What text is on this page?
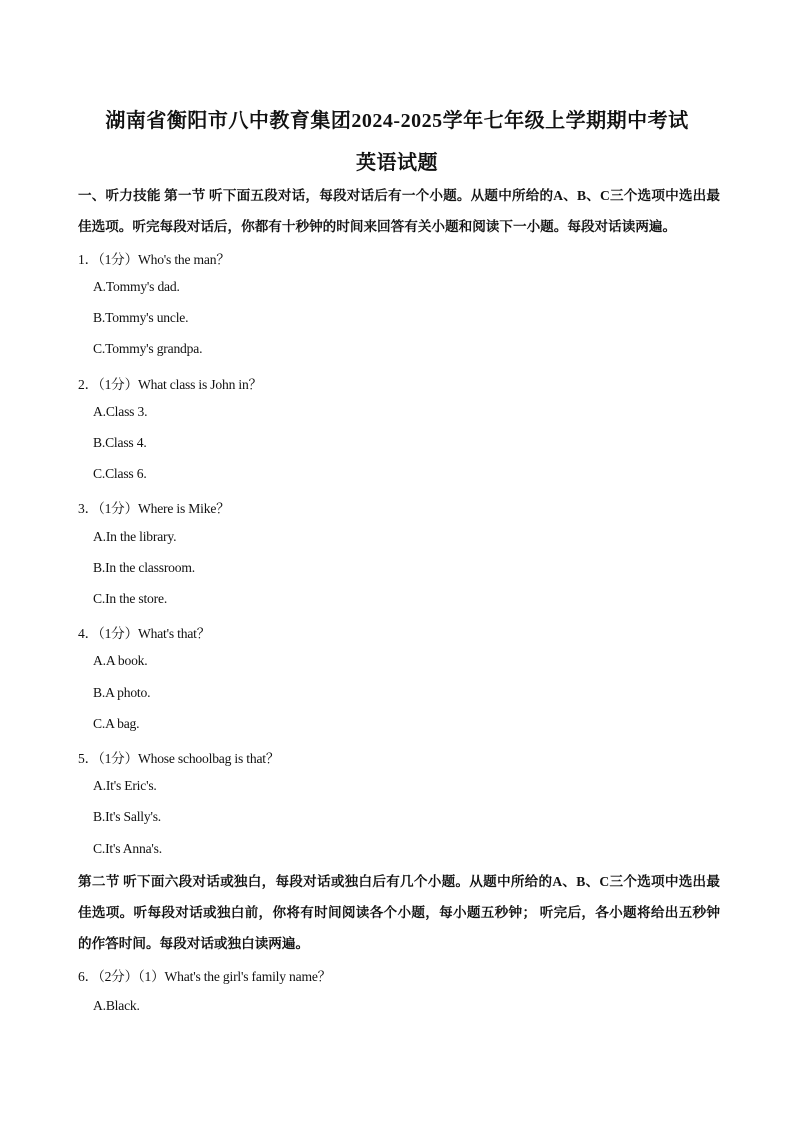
湖南省衡阳市八中教育集团2024-2025学年七年级上学期期中考试
英语试题
一、听力技能 第一节 听下面五段对话，每段对话后有一个小题。从题中所给的A、B、C三个选项中选出最佳选项。听完每段对话后，你都有十秒钟的时间来回答有关小题和阅读下一小题。每段对话读两遍。
1．（1分）Who's the man？
A.Tommy's dad.
B.Tommy's uncle.
C.Tommy's grandpa.
2．（1分）What class is John in？
A.Class 3.
B.Class 4.
C.Class 6.
3．（1分）Where is Mike？
A.In the library.
B.In the classroom.
C.In the store.
4．（1分）What's that？
A.A book.
B.A photo.
C.A bag.
5．（1分）Whose schoolbag is that？
A.It's Eric's.
B.It's Sally's.
C.It's Anna's.
第二节 听下面六段对话或独白，每段对话或独白后有几个小题。从题中所给的A、B、C三个选项中选出最佳选项。听每段对话或独白前，你将有时间阅读各个小题，每小题五秒钟； 听完后，各小题将给出五秒钟的作答时间。每段对话或独白读两遍。
6．（2分）（1）What's the girl's family name？
A.Black.
